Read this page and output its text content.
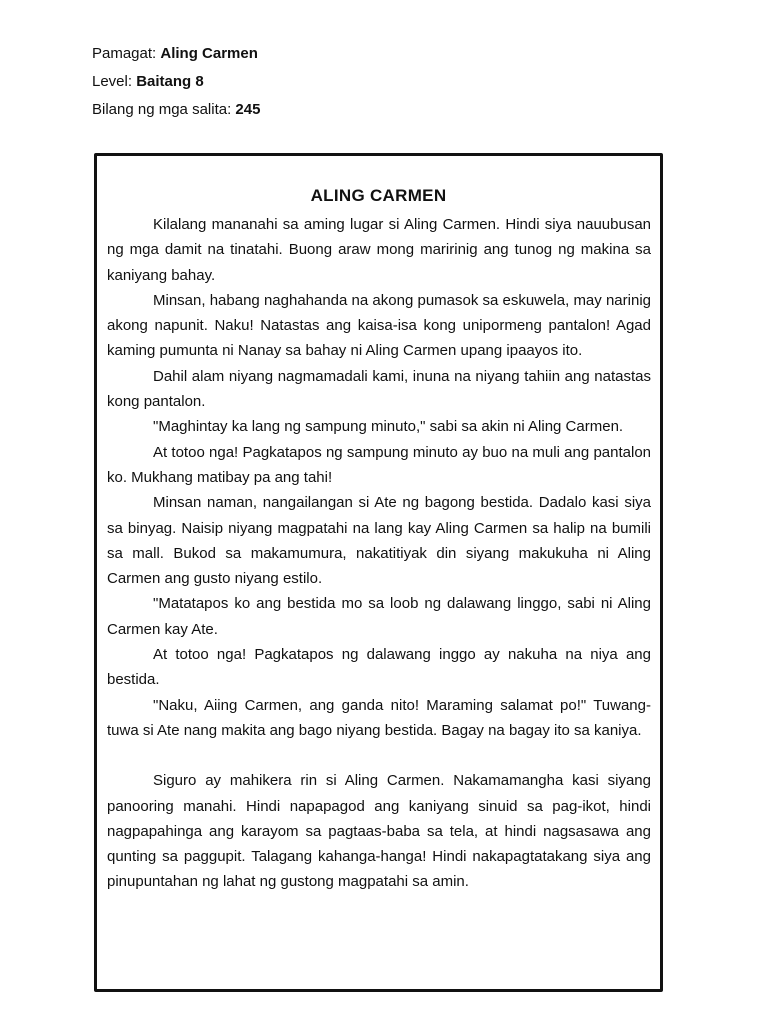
Pamagat: Aling Carmen
Level: Baitang 8
Bilang ng mga salita: 245
ALING CARMEN

Kilalang mananahi sa aming lugar si Aling Carmen. Hindi siya nauubusan ng mga damit na tinatahi. Buong araw mong maririnig ang tunog ng makina sa kaniyang bahay.

Minsan, habang naghahanda na akong pumasok sa eskuwela, may narinig akong napunit. Naku! Natastas ang kaisa-isa kong unipormeng pantalon! Agad kaming pumunta ni Nanay sa bahay ni Aling Carmen upang ipaayos ito.

Dahil alam niyang nagmamadali kami, inuna na niyang tahiin ang natastas kong pantalon.

"Maghintay ka lang ng sampung minuto," sabi sa akin ni Aling Carmen.

At totoo nga! Pagkatapos ng sampung minuto ay buo na muli ang pantalon ko. Mukhang matibay pa ang tahi!

Minsan naman, nangailangan si Ate ng bagong bestida. Dadalo kasi siya sa binyag. Naisip niyang magpatahi na lang kay Aling Carmen sa halip na bumili sa mall. Bukod sa makamumura, nakatitiyak din siyang makukuha ni Aling Carmen ang gusto niyang estilo.

"Matatapos ko ang bestida mo sa loob ng dalawang linggo, sabi ni Aling Carmen kay Ate.

At totoo nga! Pagkatapos ng dalawang inggo ay nakuha na niya ang bestida.

"Naku, Aiing Carmen, ang ganda nito! Maraming salamat po!" Tuwang-tuwa si Ate nang makita ang bago niyang bestida. Bagay na bagay ito sa kaniya.

Siguro ay mahikera rin si Aling Carmen. Nakamamangha kasi siyang panooring manahi. Hindi napapagod ang kaniyang sinuid sa pag-ikot, hindi nagpapahinga ang karayom sa pagtaas-baba sa tela, at hindi nagsasawa ang qunting sa paggupit. Talagang kahanga-hanga! Hindi nakapagtatakang siya ang pinupuntahan ng lahat ng gustong magpatahi sa amin.
